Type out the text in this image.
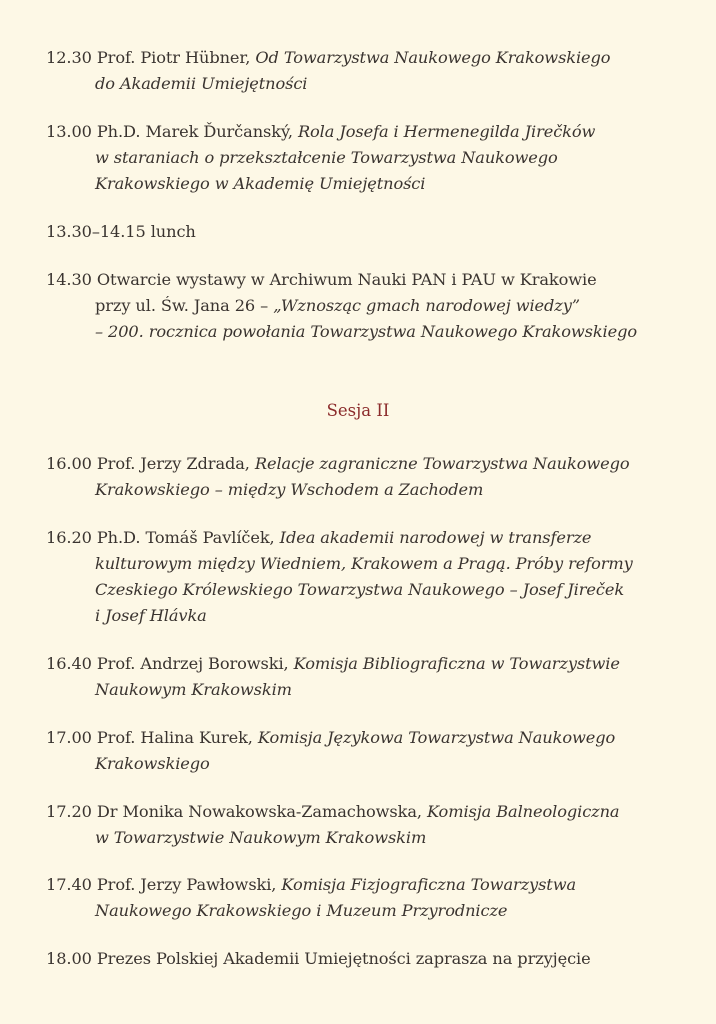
12.30 Prof. Piotr Hübner, Od Towarzystwa Naukowego Krakowskiego
do Akademii Umiejętności
13.00 Ph.D. Marek Ďurčanský, Rola Josefa i Hermenegilda Jirečków
w staraniach o przekształcenie Towarzystwa Naukowego
Krakowskiego w Akademię Umiejętności
13.30–14.15 lunch
14.30 Otwarcie wystawy w Archiwum Nauki PAN i PAU w Krakowie
przy ul. Św. Jana 26 – „Wznosząc gmach narodowej wiedzy”
– 200. rocznica powołania Towarzystwa Naukowego Krakowskiego
Sesja II
16.00 Prof. Jerzy Zdrada, Relacje zagraniczne Towarzystwa Naukowego
Krakowskiego – między Wschodem a Zachodem
16.20 Ph.D. Tomáš Pavlíček, Idea akademii narodowej w transferze
kulturowym między Wiedniem, Krakowem a Pragą. Próby reformy
Czeskiego Królewskiego Towarzystwa Naukowego – Josef Jireček
i Josef Hlávka
16.40 Prof. Andrzej Borowski, Komisja Bibliograficzna w Towarzystwie
Naukowym Krakowskim
17.00 Prof. Halina Kurek, Komisja Językowa Towarzystwa Naukowego
Krakowskiego
17.20 Dr Monika Nowakowska-Zamachowska, Komisja Balneologiczna
w Towarzystwie Naukowym Krakowskim
17.40 Prof. Jerzy Pawłowski, Komisja Fizjograficzna Towarzystwa
Naukowego Krakowskiego i Muzeum Przyrodnicze
18.00 Prezes Polskiej Akademii Umiejętności zaprasza na przyjęcie
